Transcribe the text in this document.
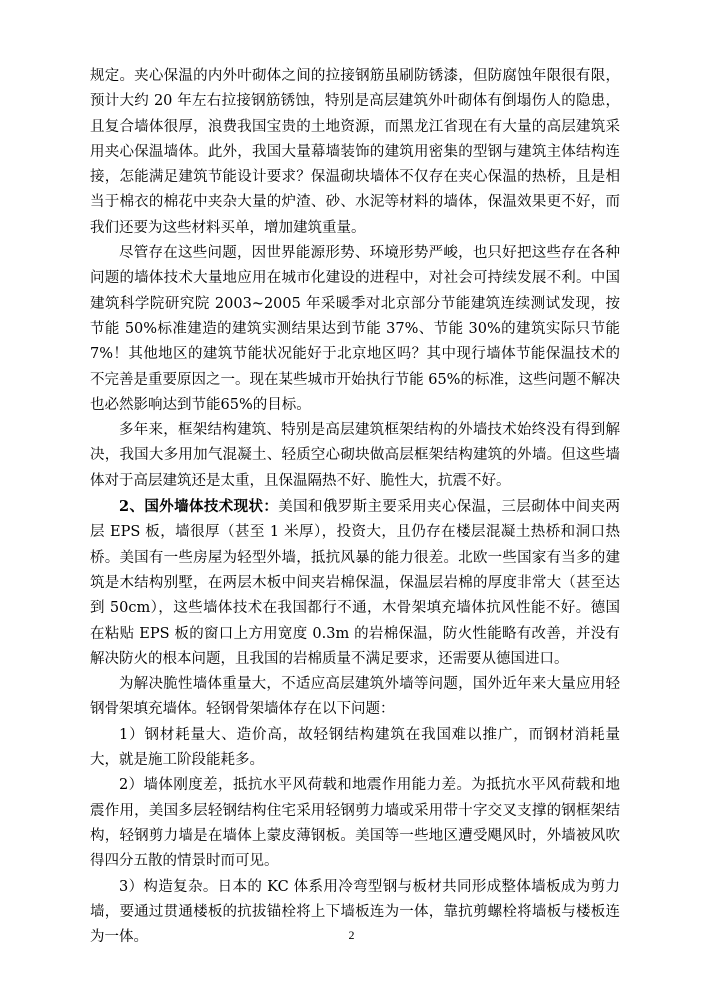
规定。夹心保温的内外叶砌体之间的拉接钢筋虽刷防锈漆，但防腐蚀年限很有限，预计大约 20 年左右拉接钢筋锈蚀，特别是高层建筑外叶砌体有倒塌伤人的隐患，且复合墙体很厚，浪费我国宝贵的土地资源，而黑龙江省现在有大量的高层建筑采用夹心保温墙体。此外，我国大量幕墙装饰的建筑用密集的型钢与建筑主体结构连接，怎能满足建筑节能设计要求？保温砌块墙体不仅存在夹心保温的热桥，且是相当于棉衣的棉花中夹杂大量的炉渣、砂、水泥等材料的墙体，保温效果更不好，而我们还要为这些材料买单，增加建筑重量。

尽管存在这些问题，因世界能源形势、环境形势严峻，也只好把这些存在各种问题的墙体技术大量地应用在城市化建设的进程中，对社会可持续发展不利。中国建筑科学院研究院 2003~2005 年采暖季对北京部分节能建筑连续测试发现，按节能 50%标准建造的建筑实测结果达到节能 37%、节能 30%的建筑实际只节能 7%！其他地区的建筑节能状况能好于北京地区吗？其中现行墙体节能保温技术的不完善是重要原因之一。现在某些城市开始执行节能 65%的标准，这些问题不解决也必然影响达到节能65%的目标。

多年来，框架结构建筑、特别是高层建筑框架结构的外墙技术始终没有得到解决，我国大多用加气混凝土、轻质空心砌块做高层框架结构建筑的外墙。但这些墙体对于高层建筑还是太重，且保温隔热不好、脆性大，抗震不好。

2、国外墙体技术现状：美国和俄罗斯主要采用夹心保温，三层砌体中间夹两层 EPS 板，墙很厚（甚至 1 米厚），投资大，且仍存在楼层混凝土热桥和洞口热桥。美国有一些房屋为轻型外墙，抵抗风暴的能力很差。北欧一些国家有当多的建筑是木结构别墅，在两层木板中间夹岩棉保温，保温层岩棉的厚度非常大（甚至达到 50cm），这些墙体技术在我国都行不通，木骨架填充墙体抗风性能不好。德国在粘贴 EPS 板的窗口上方用宽度 0.3m 的岩棉保温，防火性能略有改善，并没有解决防火的根本问题，且我国的岩棉质量不满足要求，还需要从德国进口。

为解决脆性墙体重量大，不适应高层建筑外墙等问题，国外近年来大量应用轻钢骨架填充墙体。轻钢骨架墙体存在以下问题：

1）钢材耗量大、造价高，故轻钢结构建筑在我国难以推广，而钢材消耗量大，就是施工阶段能耗多。

2）墙体刚度差，抵抗水平风荷载和地震作用能力差。为抵抗水平风荷载和地震作用，美国多层轻钢结构住宅采用轻钢剪力墙或采用带十字交叉支撑的钢框架结构，轻钢剪力墙是在墙体上蒙皮薄钢板。美国等一些地区遭受飓风时，外墙被风吹得四分五散的情景时而可见。

3）构造复杂。日本的 KC 体系用冷弯型钢与板材共同形成整体墙板成为剪力墙，要通过贯通楼板的抗拔锚栓将上下墙板连为一体，靠抗剪螺栓将墙板与楼板连为一体。	2
